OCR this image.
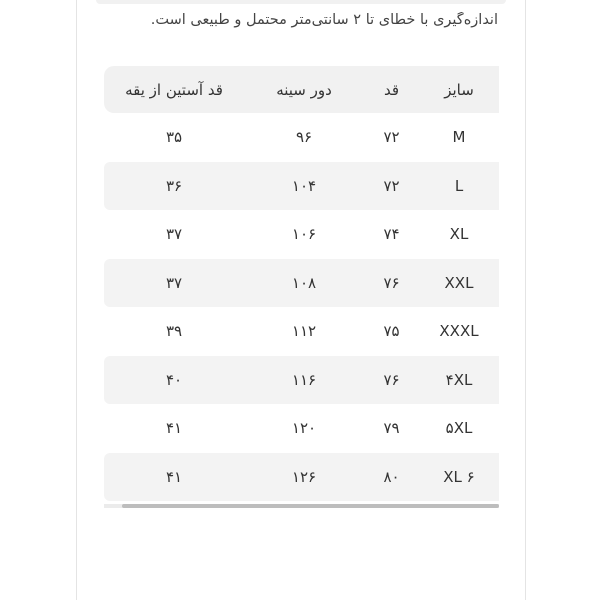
اندازه‌گیری با خطای تا ۲ سانتی‌متر محتمل و طبیعی است.
سایز
قد
دور سینه
قد آستین از یقه
M
۷۲
۹۶
۳۵
L
۷۲
۱۰۴
۳۶
XL
۷۴
۱۰۶
۳۷
XXL
۷۶
۱۰۸
۳۷
XXXL
۷۵
۱۱۲
۳۹
۴XL
۷۶
۱۱۶
۴۰
۵XL
۷۹
۱۲۰
۴۱
XL ۶
۸۰
۱۲۶
۴۱
